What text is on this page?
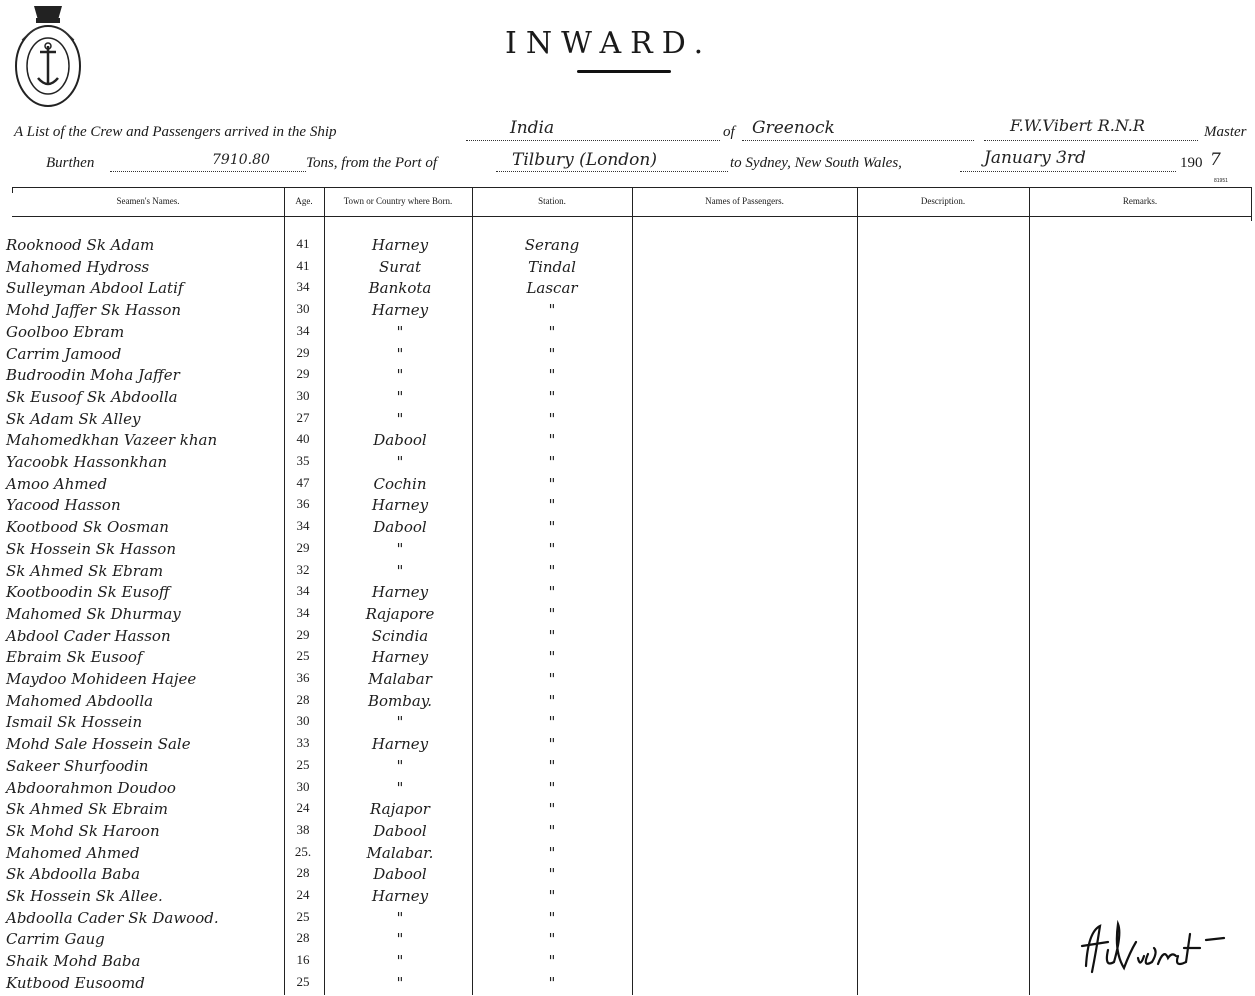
INWARD.
A List of the Crew and Passengers arrived in the Ship	India	of Greenock	F.W.Vibert R.N.R	Master
Burthen	7910.80 Tons, from the Port of	Tilbury (London)	to Sydney, New South Wales,	January 3rd	190 7
81951
Seamen's Names.	Age.	Town or Country where Born.	Station.	Names of Passengers.	Description.	Remarks.
Rooknood Sk Adam	41	Harney	Serang
Mahomed Hydross	41	Surat	Tindal
Sulleyman Abdool Latif	34	Bankota	Lascar
Mohd Jaffer Sk Hasson	30	Harney	"
Goolboo Ebram	34	"	"
Carrim Jamood	29	"	"
Budroodin Moha Jaffer	29	"	"
Sk Eusoof Sk Abdoolla	30	"	"
Sk Adam Sk Alley	27	"	"
Mahomedkhan Vazeer khan	40	Dabool	"
Yacoobk Hassonkhan	35	"	"
Amoo Ahmed	47	Cochin	"
Yacood Hasson	36	Harney	"
Kootbood Sk Oosman	34	Dabool	"
Sk Hossein Sk Hasson	29	"	"
Sk Ahmed Sk Ebram	32	"	"
Kootboodin Sk Eusoff	34	Harney	"
Mahomed Sk Dhurmay	34	Rajapore	"
Abdool Cader Hasson	29	Scindia	"
Ebraim Sk Eusoof	25	Harney	"
Maydoo Mohideen Hajee	36	Malabar	"
Mahomed Abdoolla	28	Bombay.	"
Ismail Sk Hossein	30	"	"
Mohd Sale Hossein Sale	33	Harney	"
Sakeer Shurfoodin	25	"	"
Abdoorahmon Doudoo	30	"	"
Sk Ahmed Sk Ebraim	24	Rajapor	"
Sk Mohd Sk Haroon	38	Dabool	"
Mahomed Ahmed	25.	Malabar.	"
Sk Abdoolla Baba	28	Dabool	"
Sk Hossein Sk Allee.	24	Harney	"
Abdoolla Cader Sk Dawood.	25	"	"
Carrim Gaug	28	"	"
Shaik Mohd Baba	16	"	"
Kutbood Eusoomd	25	"	"
